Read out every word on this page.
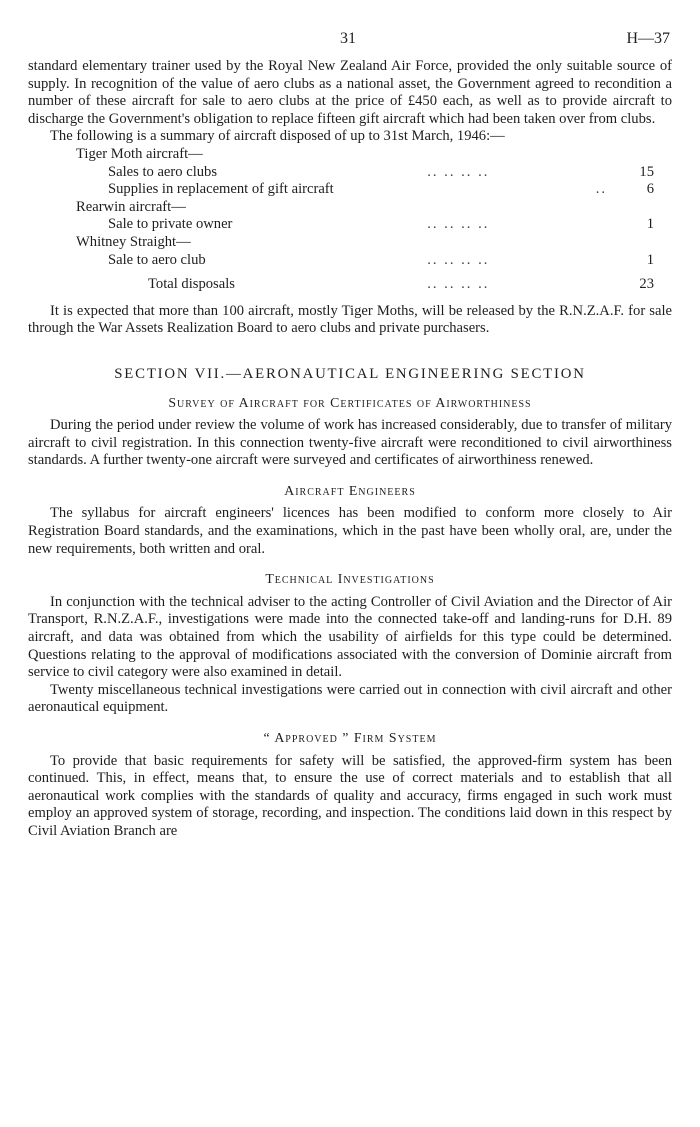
31	H—37

standard elementary trainer used by the Royal New Zealand Air Force, provided the only suitable source of supply. In recognition of the value of aero clubs as a national asset, the Government agreed to recondition a number of these aircraft for sale to aero clubs at the price of £450 each, as well as to provide aircraft to discharge the Government's obligation to replace fifteen gift aircraft which had been taken over from clubs.

The following is a summary of aircraft disposed of up to 31st March, 1946:—

Tiger Moth aircraft—		
Sales to aero clubs	.. .. .. ..	15
Supplies in replacement of gift aircraft	..	6
Rearwin aircraft—		
Sale to private owner	.. .. .. ..	1
Whitney Straight—		
Sale to aero club	.. .. .. ..	1
Total disposals	.. .. .. ..	23

It is expected that more than 100 aircraft, mostly Tiger Moths, will be released by the R.N.Z.A.F. for sale through the War Assets Realization Board to aero clubs and private purchasers.

SECTION VII.—AERONAUTICAL ENGINEERING SECTION
Survey of Aircraft for Certificates of Airworthiness

During the period under review the volume of work has increased considerably, due to transfer of military aircraft to civil registration. In this connection twenty-five aircraft were reconditioned to civil airworthiness standards. A further twenty-one aircraft were surveyed and certificates of airworthiness renewed.

Aircraft Engineers

The syllabus for aircraft engineers' licences has been modified to conform more closely to Air Registration Board standards, and the examinations, which in the past have been wholly oral, are, under the new requirements, both written and oral.

Technical Investigations

In conjunction with the technical adviser to the acting Controller of Civil Aviation and the Director of Air Transport, R.N.Z.A.F., investigations were made into the connected take-off and landing-runs for D.H. 89 aircraft, and data was obtained from which the usability of airfields for this type could be determined. Questions relating to the approval of modifications associated with the conversion of Dominie aircraft from service to civil category were also examined in detail.

Twenty miscellaneous technical investigations were carried out in connection with civil aircraft and other aeronautical equipment.

“ Approved ” Firm System

To provide that basic requirements for safety will be satisfied, the approved-firm system has been continued. This, in effect, means that, to ensure the use of correct materials and to establish that all aeronautical work complies with the standards of quality and accuracy, firms engaged in such work must employ an approved system of storage, recording, and inspection. The conditions laid down in this respect by Civil Aviation Branch are
